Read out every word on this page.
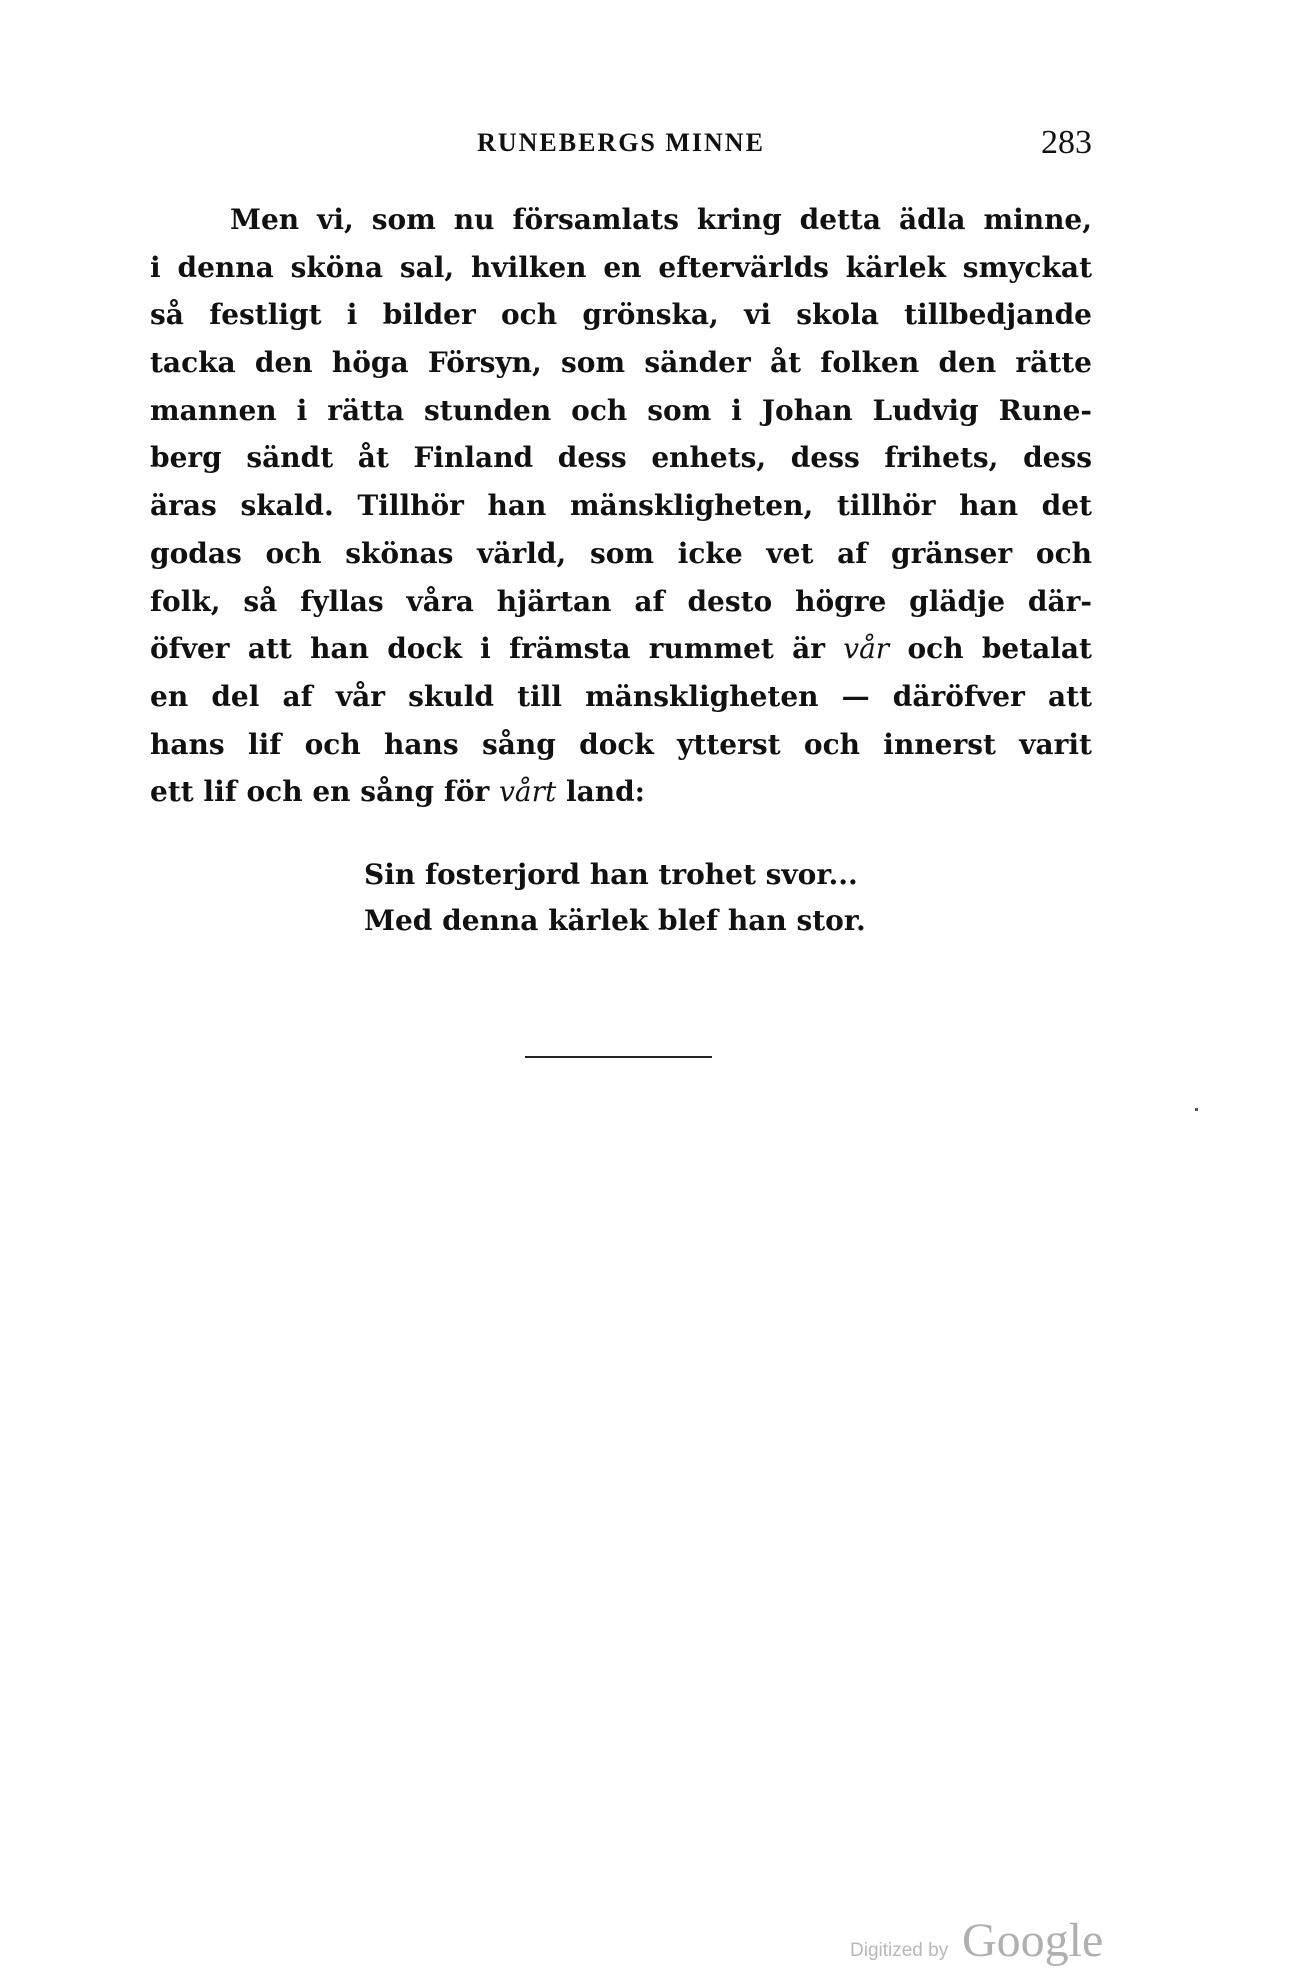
RUNEBERGS MINNE	283
Men vi, som nu församlats kring detta ädla minne,
i denna sköna sal, hvilken en eftervärlds kärlek smyckat
så festligt i bilder och grönska, vi skola tillbedjande
tacka den höga Försyn, som sänder åt folken den rätte
mannen i rätta stunden och som i Johan Ludvig Rune-
berg sändt åt Finland dess enhets, dess frihets, dess
äras skald. Tillhör han mänskligheten, tillhör han det
godas och skönas värld, som icke vet af gränser och
folk, så fyllas våra hjärtan af desto högre glädje där-
öfver att han dock i främsta rummet är vår och betalat
en del af vår skuld till mänskligheten — däröfver att
hans lif och hans sång dock ytterst och innerst varit
ett lif och en sång för vårt land:
Sin fosterjord han trohet svor...
Med denna kärlek blef han stor.
Digitized by Google
